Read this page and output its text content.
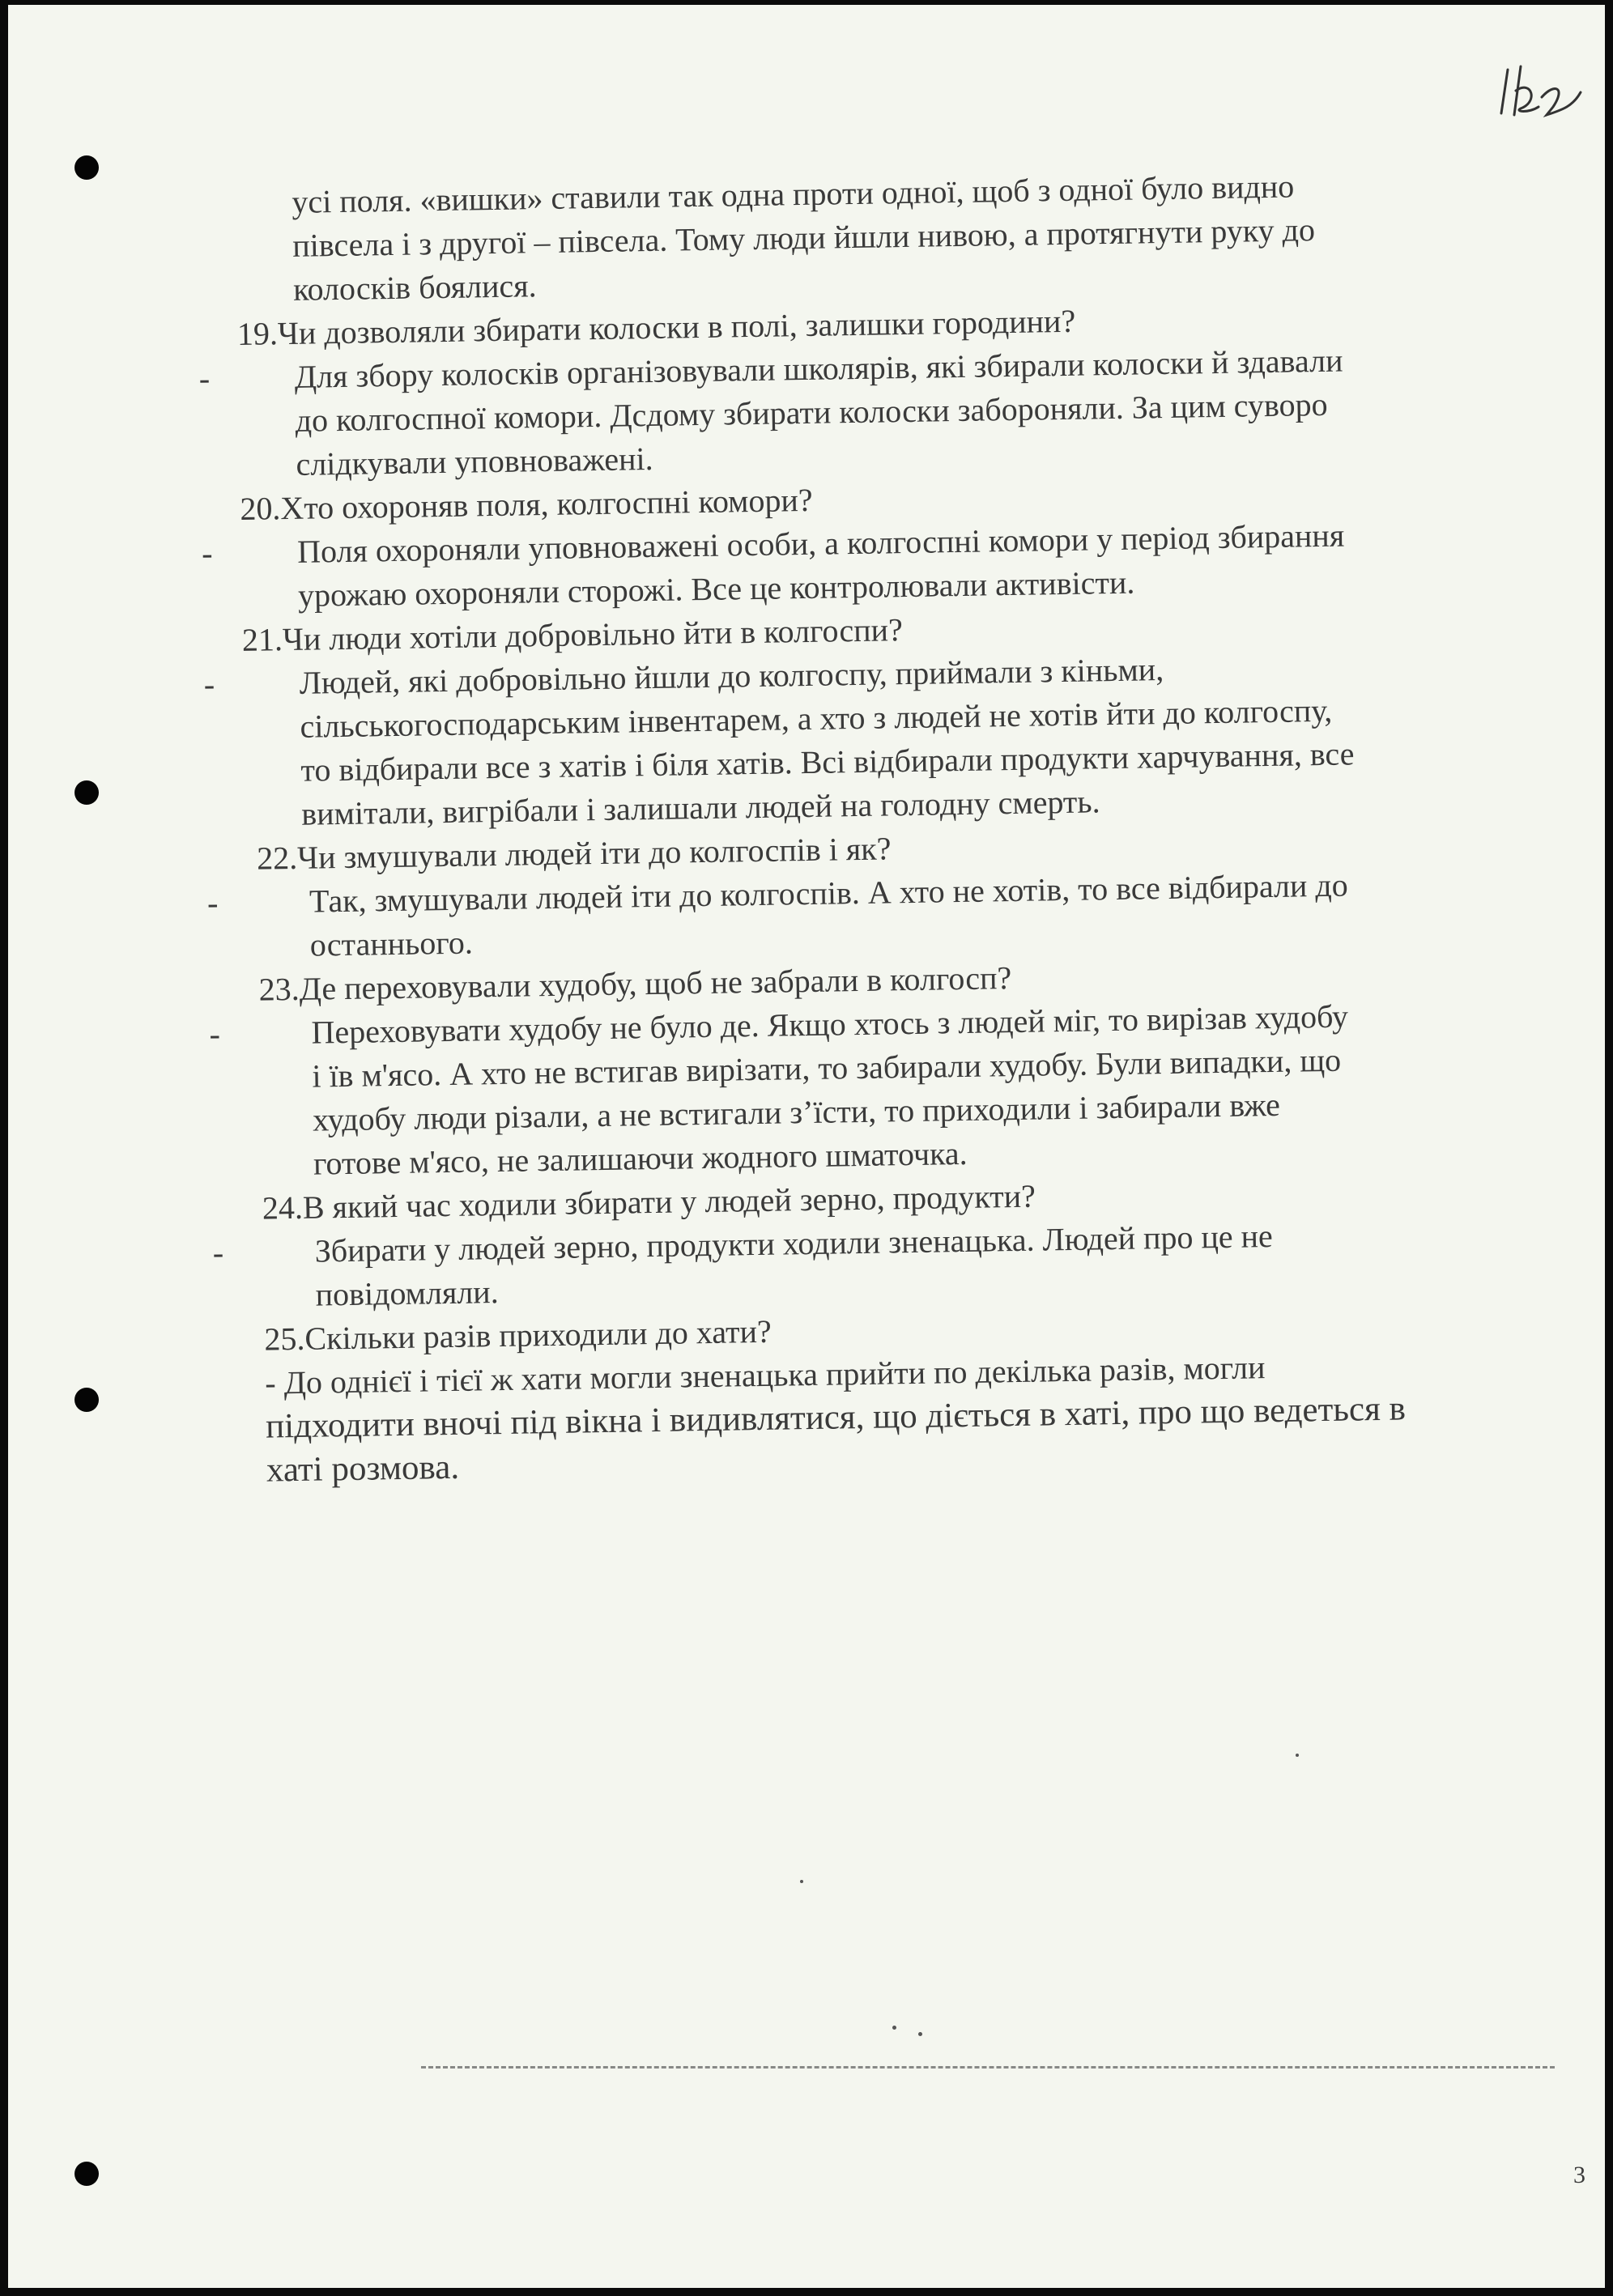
усі поля. «вишки» ставили так одна проти одної, щоб з одної було видно

півсела і з другої – півсела. Тому люди йшли нивою, а протягнути руку до

колосків боялися.

19.Чи дозволяли збирати колоски в полі, залишки городини?

-	Для збору колосків організовували школярів, які збирали колоски й здавали

до колгоспної комори. Дсдому збирати колоски забороняли. За цим суворо

слідкували уповноважені.

20.Хто охороняв поля, колгоспні комори?

-	Поля охороняли уповноважені особи, а колгоспні комори у період збирання

урожаю охороняли сторожі. Все це контролювали активісти.

21.Чи люди хотіли добровільно йти в колгоспи?

-	Людей, які добровільно йшли до колгоспу, приймали з кіньми,

сільськогосподарським інвентарем, а хто з людей не хотів йти до колгоспу,

то відбирали все з хатів і біля хатів. Всі відбирали продукти харчування, все

вимітали, вигрібали і залишали людей на голодну смерть.

22.Чи змушували людей іти до колгоспів і як?

-	Так, змушували людей іти до колгоспів. А хто не хотів, то все відбирали до

останнього.

23.Де переховували худобу, щоб не забрали в колгосп?

-	Переховувати худобу не було де. Якщо хтось з людей міг, то вирізав худобу

і їв м'ясо. А хто не встигав вирізати, то забирали худобу. Були випадки, що

худобу люди різали, а не встигали з’їсти, то приходили і забирали вже

готове м'ясо, не залишаючи жодного шматочка.

24.В який час ходили збирати у людей зерно, продукти?

-	Збирати у людей зерно, продукти ходили зненацька. Людей про це не

повідомляли.

25.Скільки разів приходили до хати?

- До однієї і тієї ж хати могли зненацька прийти по декілька разів, могли

підходити вночі під вікна і видивлятися, що діється в хаті, про що ведеться в

хаті розмова.

3
